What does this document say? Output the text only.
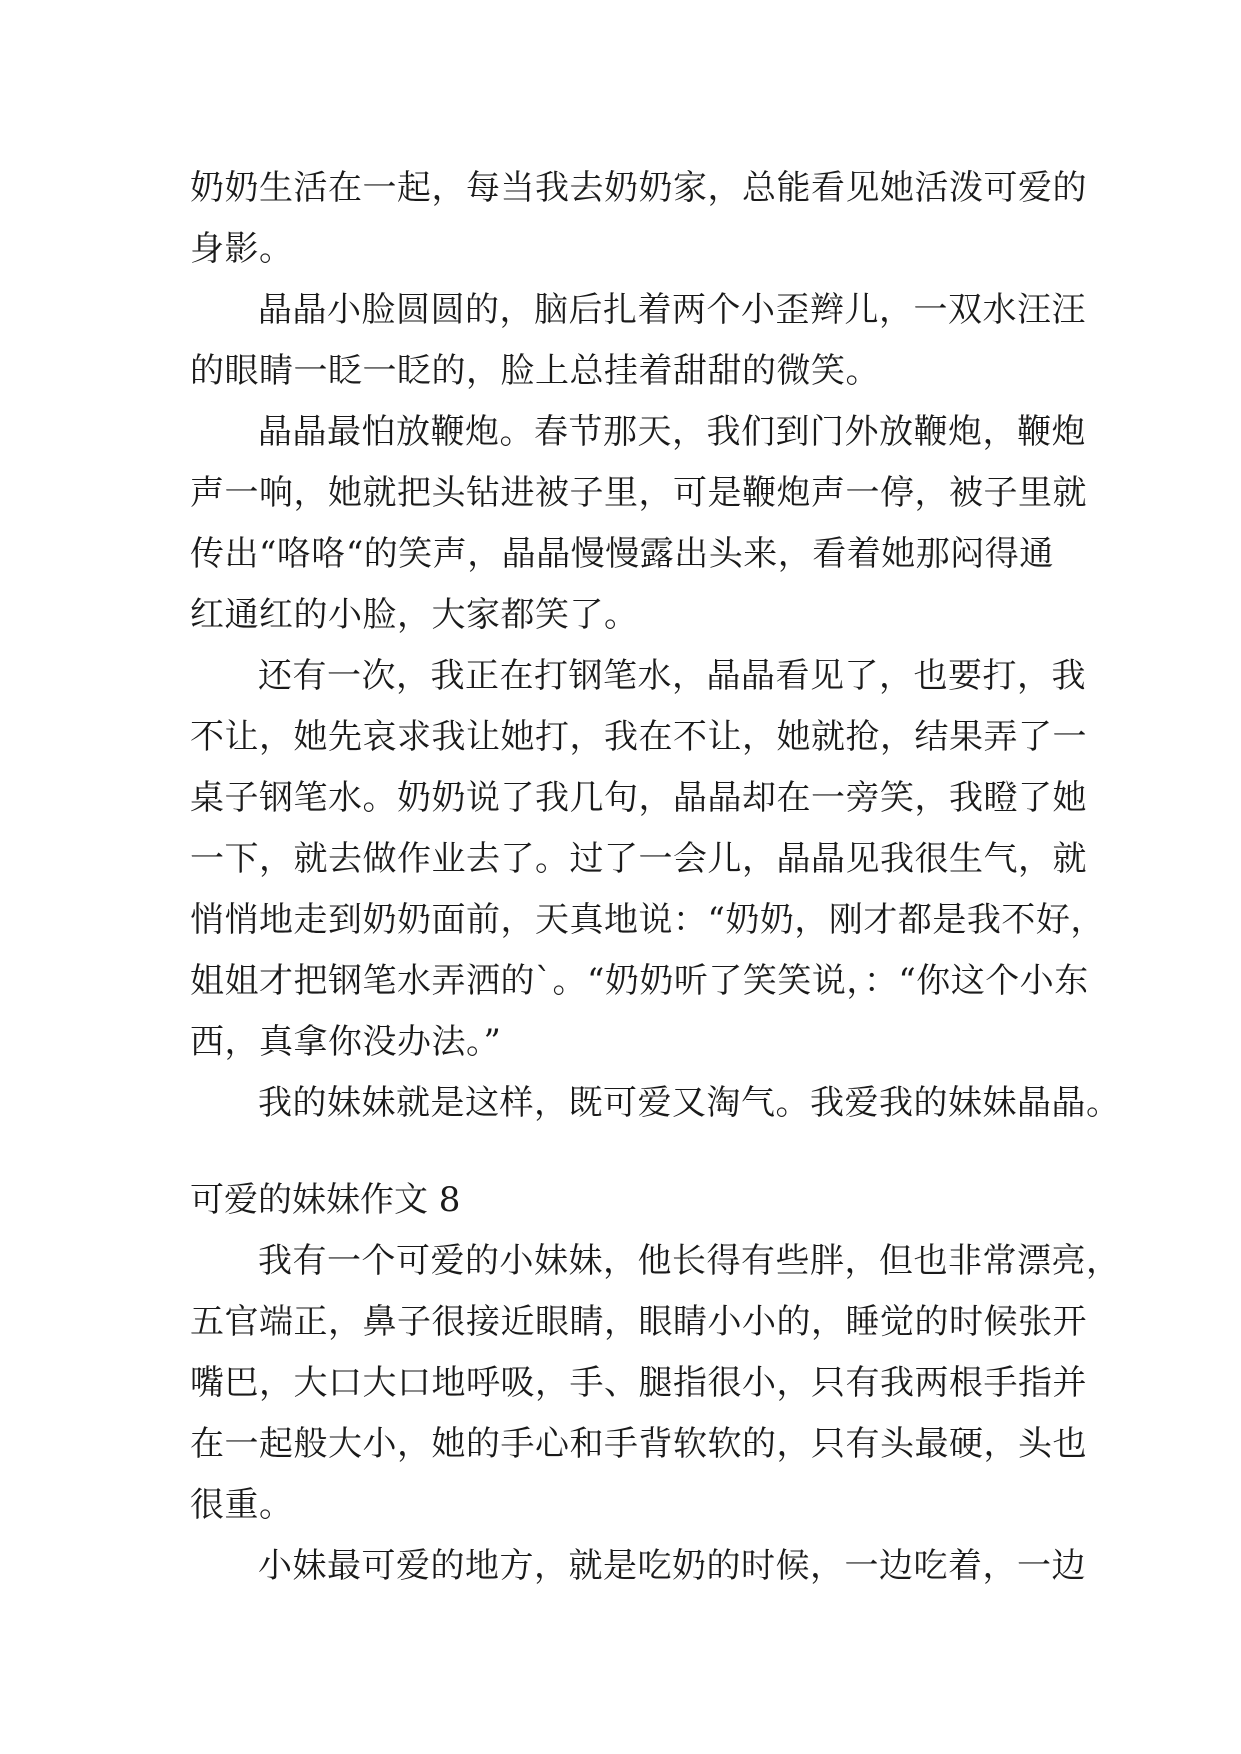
奶奶生活在一起，每当我去奶奶家，总能看见她活泼可爱的
身影。
晶晶小脸圆圆的，脑后扎着两个小歪辫儿，一双水汪汪
的眼睛一眨一眨的，脸上总挂着甜甜的微笑。
晶晶最怕放鞭炮。春节那天，我们到门外放鞭炮，鞭炮
声一响，她就把头钻进被子里，可是鞭炮声一停，被子里就
传出“咯咯“的笑声，晶晶慢慢露出头来，看着她那闷得通
红通红的小脸，大家都笑了。
还有一次，我正在打钢笔水，晶晶看见了，也要打，我
不让，她先哀求我让她打，我在不让，她就抢，结果弄了一
桌子钢笔水。奶奶说了我几句，晶晶却在一旁笑，我瞪了她
一下，就去做作业去了。过了一会儿，晶晶见我很生气，就
悄悄地走到奶奶面前，天真地说：“奶奶，刚才都是我不好，
姐姐才把钢笔水弄洒的`。“奶奶听了笑笑说，：“你这个小东
西，真拿你没办法。”
我的妹妹就是这样，既可爱又淘气。我爱我的妹妹晶晶。
可爱的妹妹作文 8
我有一个可爱的小妹妹，他长得有些胖，但也非常漂亮，
五官端正，鼻子很接近眼睛，眼睛小小的，睡觉的时候张开
嘴巴，大口大口地呼吸，手、腿指很小，只有我两根手指并
在一起般大小，她的手心和手背软软的，只有头最硬，头也
很重。
小妹最可爱的地方，就是吃奶的时候，一边吃着，一边
